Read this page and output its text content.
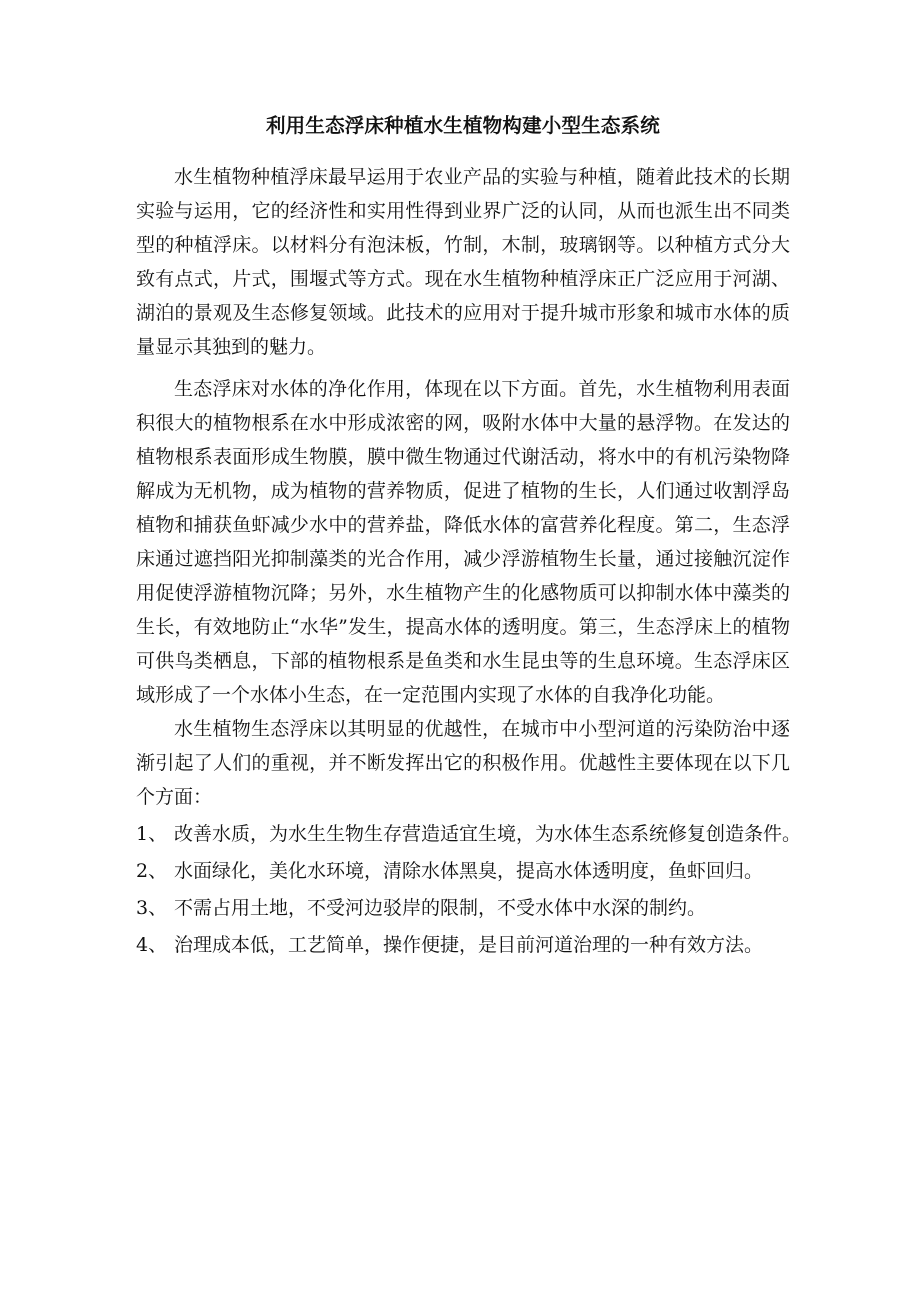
利用生态浮床种植水生植物构建小型生态系统

水生植物种植浮床最早运用于农业产品的实验与种植，随着此技术的长期实验与运用，它的经济性和实用性得到业界广泛的认同，从而也派生出不同类型的种植浮床。以材料分有泡沫板，竹制，木制，玻璃钢等。以种植方式分大致有点式，片式，围堰式等方式。现在水生植物种植浮床正广泛应用于河湖、湖泊的景观及生态修复领域。此技术的应用对于提升城市形象和城市水体的质量显示其独到的魅力。

生态浮床对水体的净化作用，体现在以下方面。首先，水生植物利用表面积很大的植物根系在水中形成浓密的网，吸附水体中大量的悬浮物。在发达的植物根系表面形成生物膜，膜中微生物通过代谢活动，将水中的有机污染物降解成为无机物，成为植物的营养物质，促进了植物的生长，人们通过收割浮岛植物和捕获鱼虾减少水中的营养盐，降低水体的富营养化程度。第二，生态浮床通过遮挡阳光抑制藻类的光合作用，减少浮游植物生长量，通过接触沉淀作用促使浮游植物沉降；另外，水生植物产生的化感物质可以抑制水体中藻类的生长，有效地防止“水华”发生，提高水体的透明度。第三，生态浮床上的植物可供鸟类栖息，下部的植物根系是鱼类和水生昆虫等的生息环境。生态浮床区域形成了一个水体小生态，在一定范围内实现了水体的自我净化功能。

水生植物生态浮床以其明显的优越性，在城市中小型河道的污染防治中逐渐引起了人们的重视，并不断发挥出它的积极作用。优越性主要体现在以下几个方面：

1、 改善水质，为水生生物生存营造适宜生境，为水体生态系统修复创造条件。
2、 水面绿化，美化水环境，清除水体黑臭，提高水体透明度，鱼虾回归。
3、 不需占用土地，不受河边驳岸的限制，不受水体中水深的制约。
4、 治理成本低，工艺简单，操作便捷，是目前河道治理的一种有效方法。
